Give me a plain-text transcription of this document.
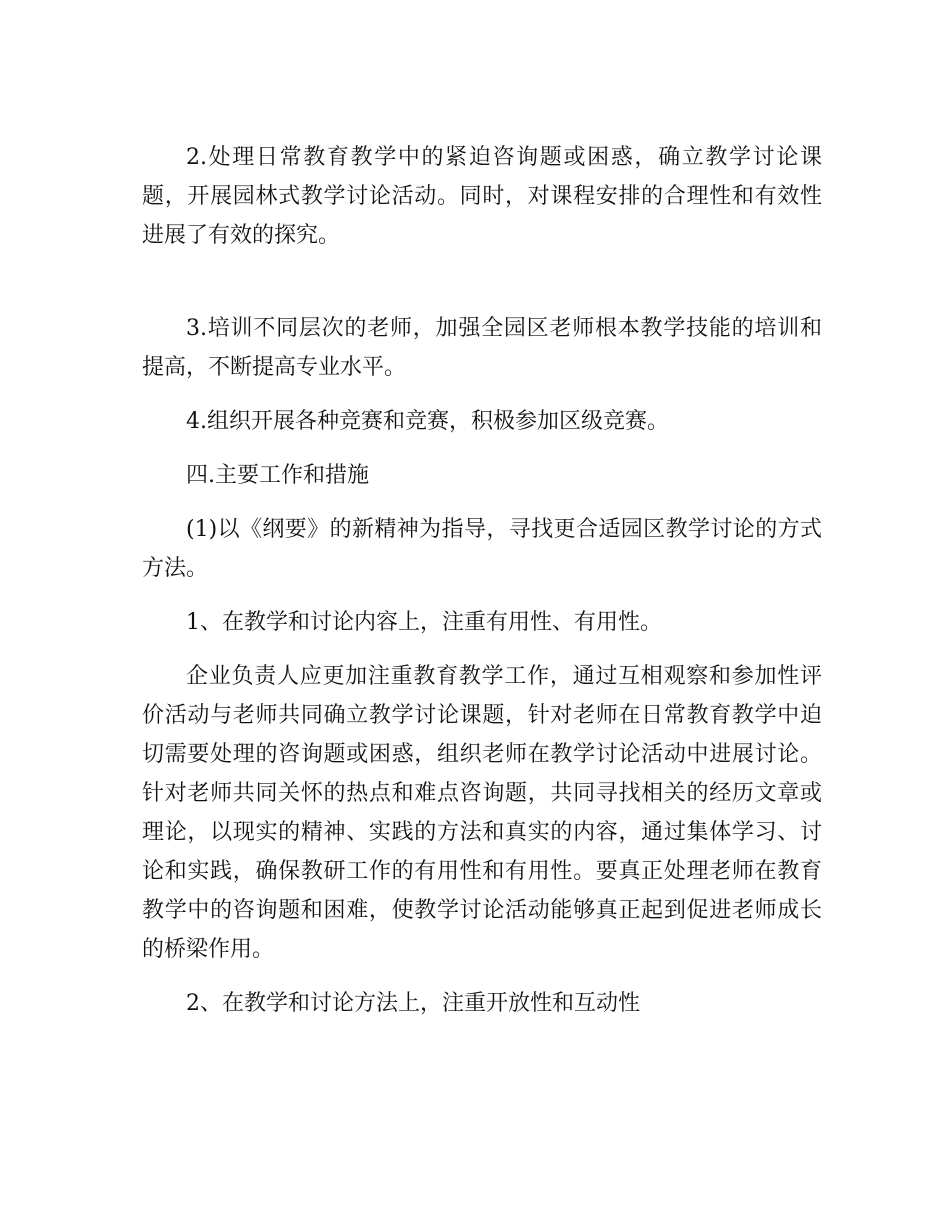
2.处理日常教育教学中的紧迫咨询题或困惑，确立教学讨论课题，开展园林式教学讨论活动。同时，对课程安排的合理性和有效性进展了有效的探究。

3.培训不同层次的老师，加强全园区老师根本教学技能的培训和提高，不断提高专业水平。

4.组织开展各种竞赛和竞赛，积极参加区级竞赛。

四.主要工作和措施

(1)以《纲要》的新精神为指导，寻找更合适园区教学讨论的方式方法。

1、在教学和讨论内容上，注重有用性、有用性。

企业负责人应更加注重教育教学工作，通过互相观察和参加性评价活动与老师共同确立教学讨论课题，针对老师在日常教育教学中迫切需要处理的咨询题或困惑，组织老师在教学讨论活动中进展讨论。针对老师共同关怀的热点和难点咨询题，共同寻找相关的经历文章或理论，以现实的精神、实践的方法和真实的内容，通过集体学习、讨论和实践，确保教研工作的有用性和有用性。要真正处理老师在教育教学中的咨询题和困难，使教学讨论活动能够真正起到促进老师成长的桥梁作用。

2、在教学和讨论方法上，注重开放性和互动性
